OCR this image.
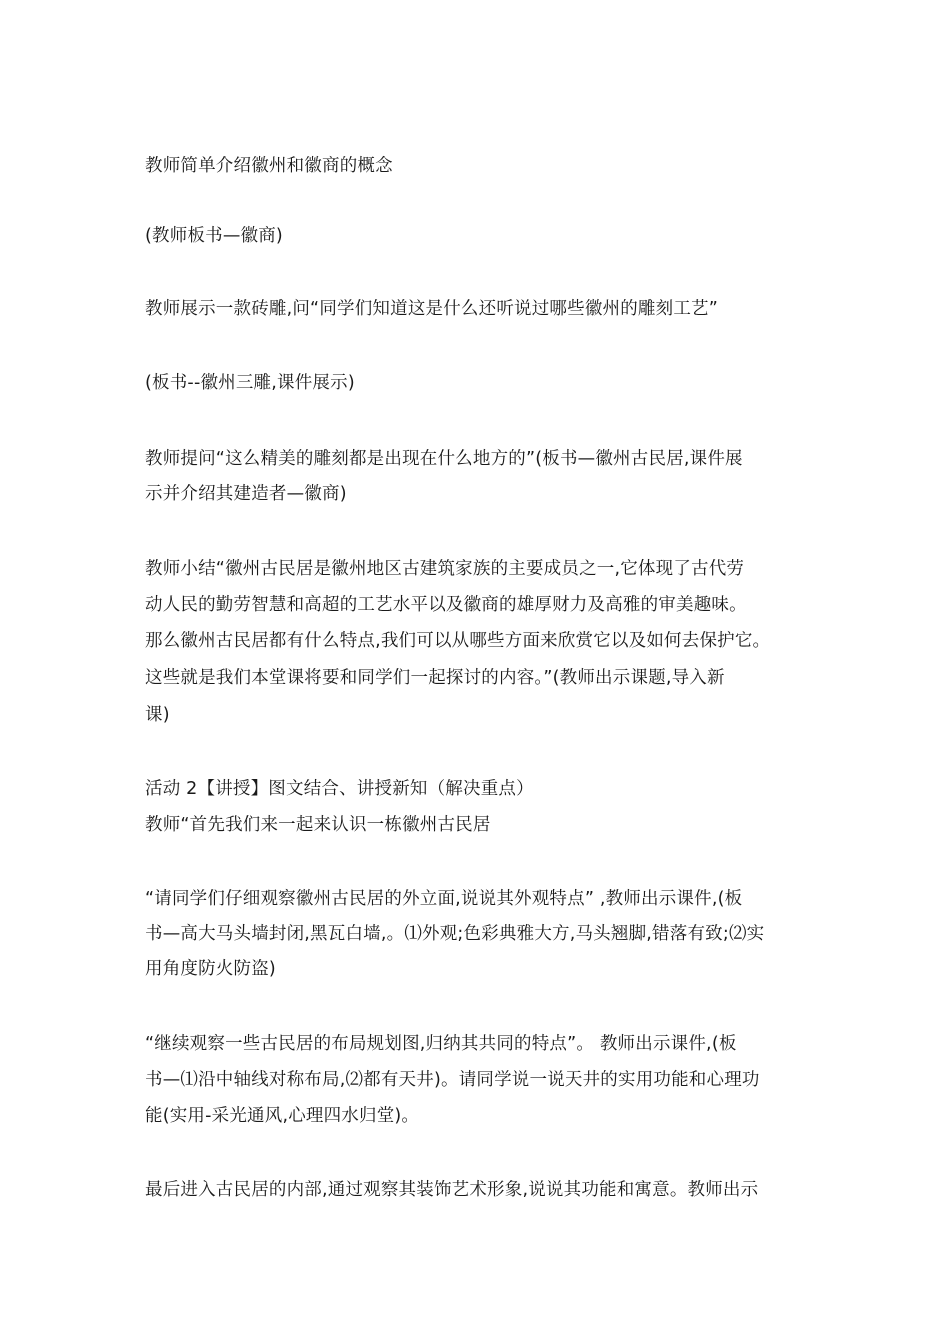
教师简单介绍徽州和徽商的概念
(教师板书—徽商)
教师展示一款砖雕,问“同学们知道这是什么还听说过哪些徽州的雕刻工艺”
(板书--徽州三雕,课件展示)
教师提问“这么精美的雕刻都是出现在什么地方的”(板书—徽州古民居,课件展
示并介绍其建造者—徽商)
教师小结“徽州古民居是徽州地区古建筑家族的主要成员之一,它体现了古代劳
动人民的勤劳智慧和高超的工艺水平以及徽商的雄厚财力及高雅的审美趣味。
那么徽州古民居都有什么特点,我们可以从哪些方面来欣赏它以及如何去保护它。
这些就是我们本堂课将要和同学们一起探讨的内容。”(教师出示课题,导入新
课)
活动 2【讲授】图文结合、讲授新知（解决重点）
教师“首先我们来一起来认识一栋徽州古民居
“请同学们仔细观察徽州古民居的外立面,说说其外观特点” ,教师出示课件,(板
书—高大马头墙封闭,黑瓦白墙,。⑴外观;色彩典雅大方,马头翘脚,错落有致;⑵实
用角度防火防盗)
“继续观察一些古民居的布局规划图,归纳其共同的特点”。 教师出示课件,(板
书—⑴沿中轴线对称布局,⑵都有天井)。请同学说一说天井的实用功能和心理功
能(实用-采光通风,心理四水归堂)。
最后进入古民居的内部,通过观察其装饰艺术形象,说说其功能和寓意。教师出示
